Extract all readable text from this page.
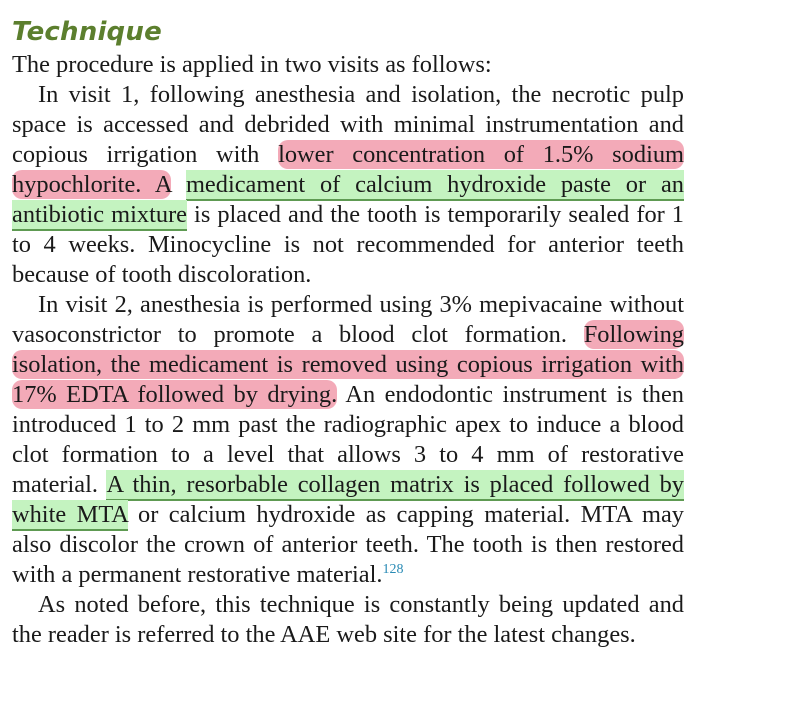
Technique

The procedure is applied in two visits as follows:

In visit 1, following anesthesia and isolation, the necrotic pulp space is accessed and debrided with minimal instrumentation and copious irrigation with lower concentration of 1.5% sodium hypochlorite. A medicament of calcium hydroxide paste or an antibiotic mixture is placed and the tooth is temporarily sealed for 1 to 4 weeks. Minocycline is not recommended for anterior teeth because of tooth discoloration.

In visit 2, anesthesia is performed using 3% mepivacaine without vasoconstrictor to promote a blood clot formation. Following isolation, the medicament is removed using copious irrigation with 17% EDTA followed by drying. An endodontic instrument is then introduced 1 to 2 mm past the radiographic apex to induce a blood clot formation to a level that allows 3 to 4 mm of restorative material. A thin, resorbable collagen matrix is placed followed by white MTA or calcium hydroxide as capping material. MTA may also discolor the crown of anterior teeth. The tooth is then restored with a permanent restorative material.$^{128}$

As noted before, this technique is constantly being updated and the reader is referred to the AAE web site for the latest changes.
